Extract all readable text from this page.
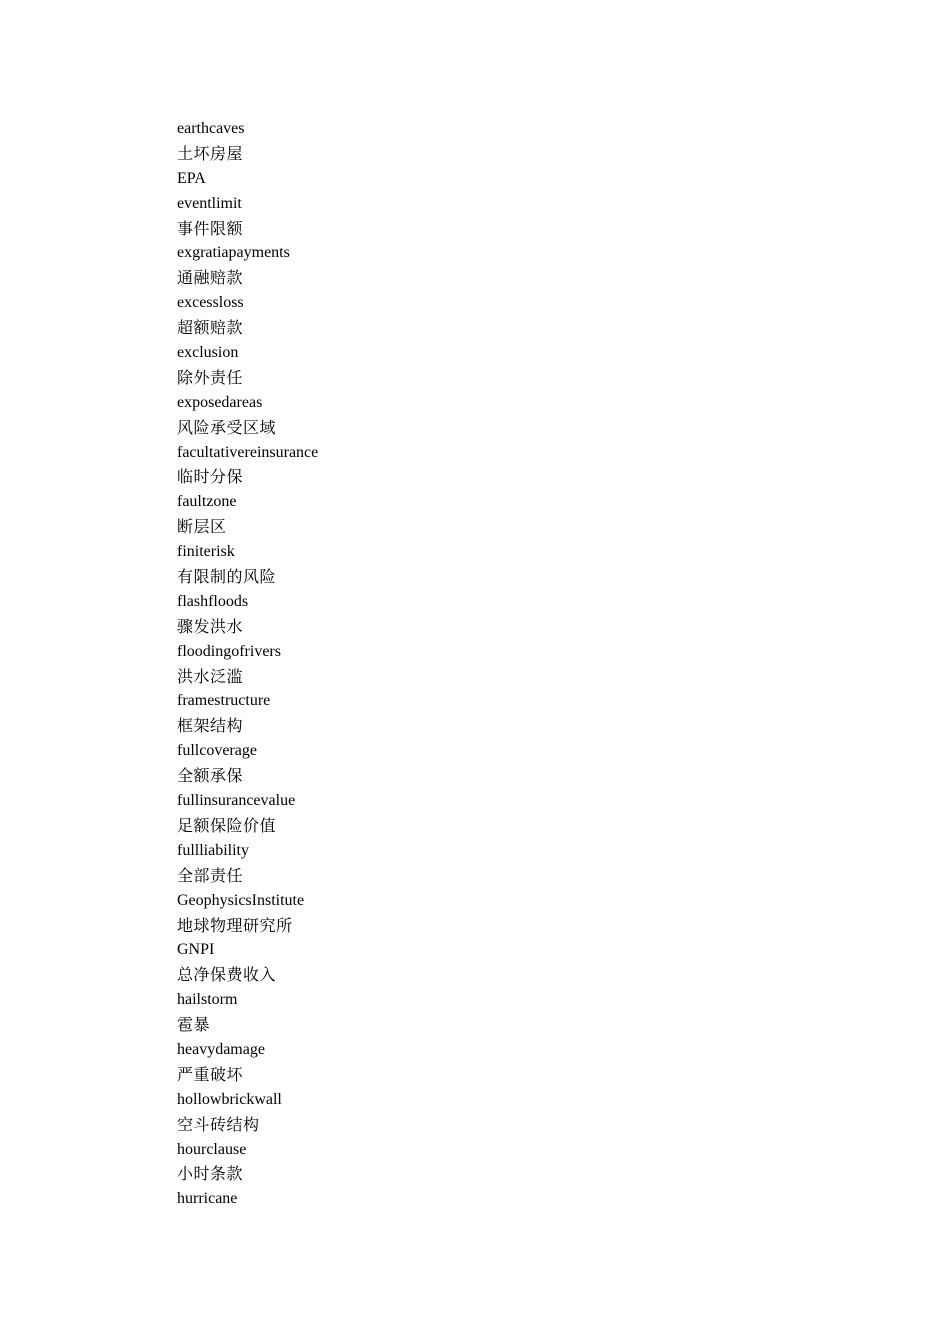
earthcaves
土坏房屋
EPA
eventlimit
事件限额
exgratiapayments
通融赔款
excessloss
超额赔款
exclusion
除外责任
exposedareas
风险承受区域
facultativereinsurance
临时分保
faultzone
断层区
finiterisk
有限制的风险
flashfloods
骤发洪水
floodingofrivers
洪水泛滥
framestructure
框架结构
fullcoverage
全额承保
fullinsurancevalue
足额保险价值
fullliability
全部责任
GeophysicsInstitute
地球物理研究所
GNPI
总净保费收入
hailstorm
雹暴
heavydamage
严重破坏
hollowbrickwall
空斗砖结构
hourclause
小时条款
hurricane
